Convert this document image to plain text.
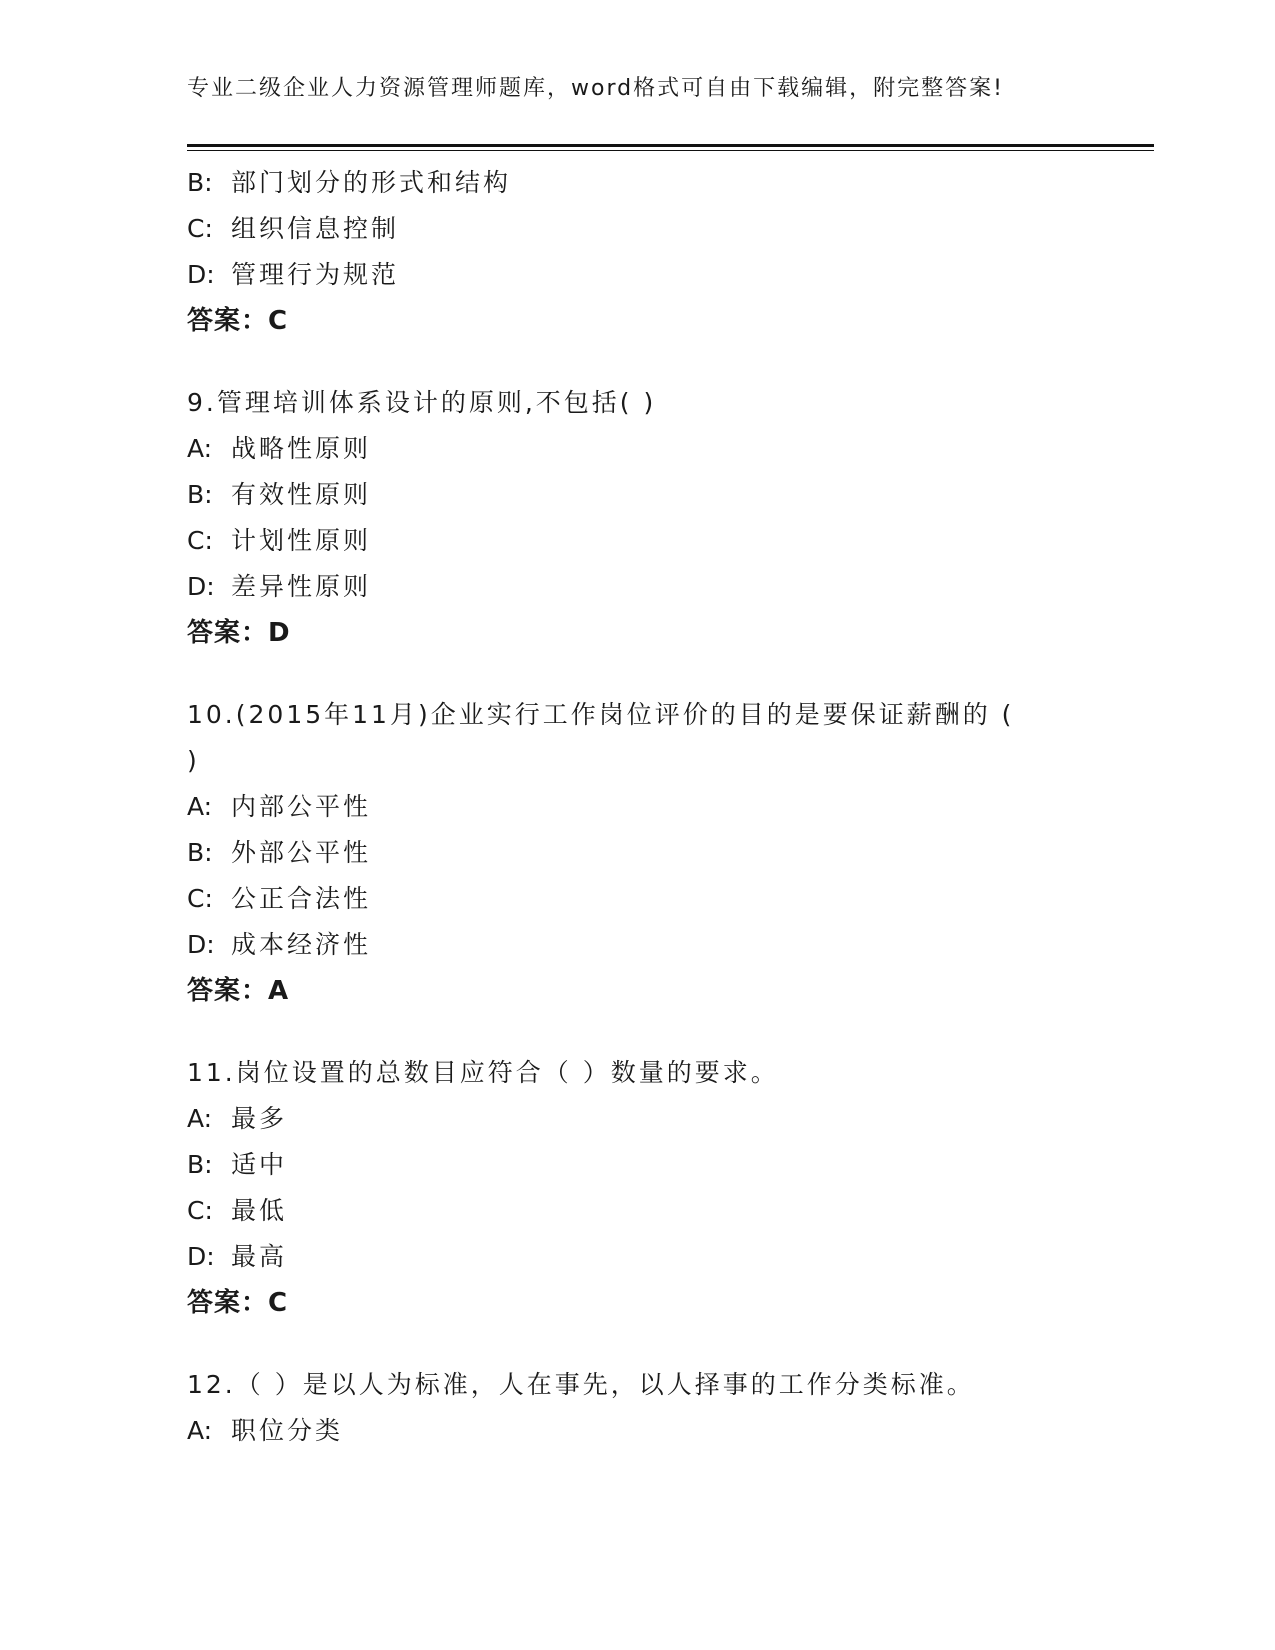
专业二级企业人力资源管理师题库，word格式可自由下载编辑，附完整答案!
B: 部门划分的形式和结构
C: 组织信息控制
D: 管理行为规范
答案：C
9.管理培训体系设计的原则,不包括( )
A: 战略性原则
B: 有效性原则
C: 计划性原则
D: 差异性原则
答案：D
10.(2015年11月)企业实行工作岗位评价的目的是要保证薪酬的 (
)
A: 内部公平性
B: 外部公平性
C: 公正合法性
D: 成本经济性
答案：A
11.岗位设置的总数目应符合（ ）数量的要求。
A: 最多
B: 适中
C: 最低
D: 最高
答案：C
12.（ ）是以人为标准，人在事先，以人择事的工作分类标准。
A: 职位分类
